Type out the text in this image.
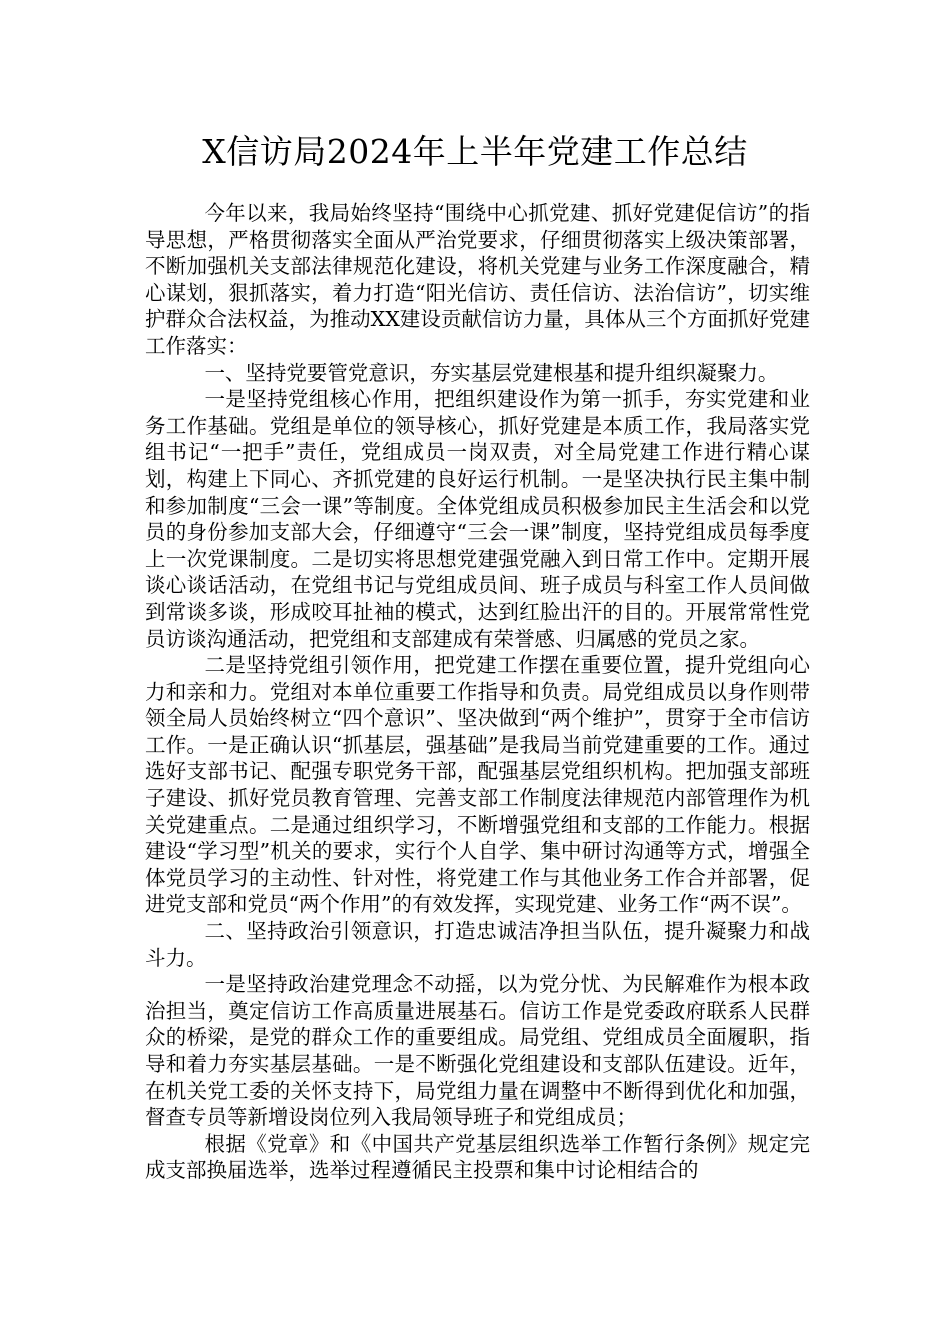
X信访局2024年上半年党建工作总结

今年以来，我局始终坚持“围绕中心抓党建、抓好党建促信访”的指导思想，严格贯彻落实全面从严治党要求，仔细贯彻落实上级决策部署，不断加强机关支部法律规范化建设，将机关党建与业务工作深度融合，精心谋划，狠抓落实，着力打造“阳光信访、责任信访、法治信访”，切实维护群众合法权益，为推动XX建设贡献信访力量，具体从三个方面抓好党建工作落实：

一、坚持党要管党意识，夯实基层党建根基和提升组织凝聚力。

一是坚持党组核心作用，把组织建设作为第一抓手，夯实党建和业务工作基础。党组是单位的领导核心，抓好党建是本质工作，我局落实党组书记“一把手”责任，党组成员一岗双责，对全局党建工作进行精心谋划，构建上下同心、齐抓党建的良好运行机制。一是坚决执行民主集中制和参加制度“三会一课”等制度。全体党组成员积极参加民主生活会和以党员的身份参加支部大会，仔细遵守“三会一课”制度，坚持党组成员每季度上一次党课制度。二是切实将思想党建强党融入到日常工作中。定期开展谈心谈话活动，在党组书记与党组成员间、班子成员与科室工作人员间做到常谈多谈，形成咬耳扯袖的模式，达到红脸出汗的目的。开展常常性党员访谈沟通活动，把党组和支部建成有荣誉感、归属感的党员之家。

二是坚持党组引领作用，把党建工作摆在重要位置，提升党组向心力和亲和力。党组对本单位重要工作指导和负责。局党组成员以身作则带领全局人员始终树立“四个意识”、坚决做到“两个维护”，贯穿于全市信访工作。一是正确认识“抓基层，强基础”是我局当前党建重要的工作。通过选好支部书记、配强专职党务干部，配强基层党组织机构。把加强支部班子建设、抓好党员教育管理、完善支部工作制度法律规范内部管理作为机关党建重点。二是通过组织学习，不断增强党组和支部的工作能力。根据建设“学习型”机关的要求，实行个人自学、集中研讨沟通等方式，增强全体党员学习的主动性、针对性，将党建工作与其他业务工作合并部署，促进党支部和党员“两个作用”的有效发挥，实现党建、业务工作“两不误”。

二、坚持政治引领意识，打造忠诚洁净担当队伍，提升凝聚力和战斗力。

一是坚持政治建党理念不动摇，以为党分忧、为民解难作为根本政治担当，奠定信访工作高质量进展基石。信访工作是党委政府联系人民群众的桥梁，是党的群众工作的重要组成。局党组、党组成员全面履职，指导和着力夯实基层基础。一是不断强化党组建设和支部队伍建设。近年，在机关党工委的关怀支持下，局党组力量在调整中不断得到优化和加强，督查专员等新增设岗位列入我局领导班子和党组成员；

根据《党章》和《中国共产党基层组织选举工作暂行条例》规定完成支部换届选举，选举过程遵循民主投票和集中讨论相结合的
